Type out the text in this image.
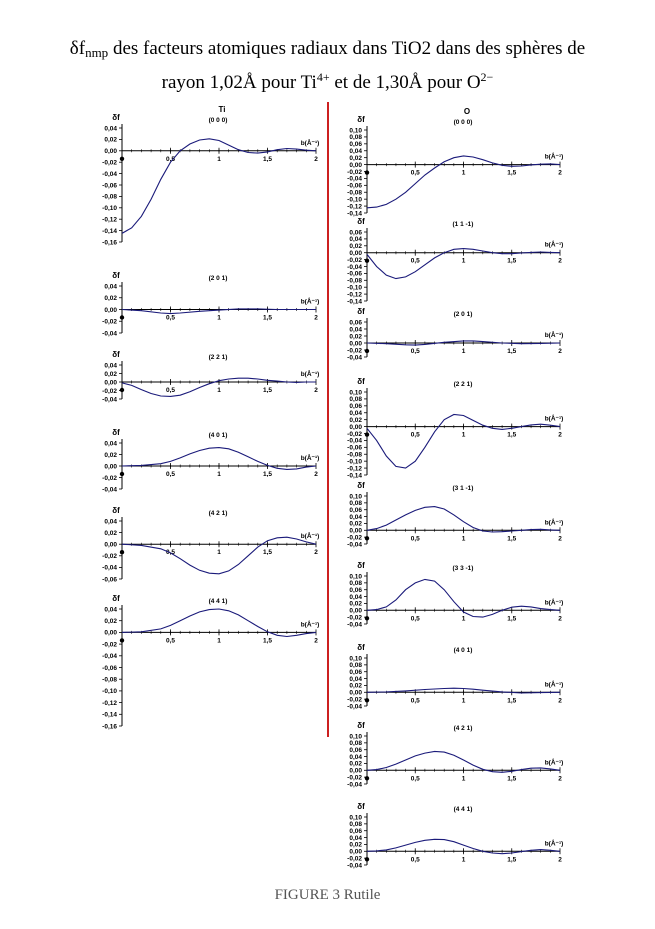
$\delta f_{nmp}$ des facteurs atomiques radiaux dans TiO2 dans des sphères de
rayon 1,02Å pour $Ti^{4+}$ et de 1,30Å pour $O^{2-}$
0,04
0,02
0,00
-0,02
-0,04
-0,06
-0,08
-0,10
-0,12
-0,14
-0,16
0,5	1	1,5	2
δf
Ti
(0 0 0)
b(Å⁻¹)
0,04
0,02
0,00
-0,02
-0,04
0,5	1	1,5	2
δf	(2 0 1)
b(Å⁻¹)
0,04
0,02
0,00
-0,02
-0,04
0,5	1	1,5	2
δf	(2 2 1)
b(Å⁻¹)
0,04
0,02
0,00
-0,02
-0,04
0,5	1	1,5	2
δf	(4 0 1)
b(Å⁻¹)
0,04
0,02
0,00
-0,02
-0,04
-0,06
0,5	1	1,5	2
δf	(4 2 1)
b(Å⁻¹)
0,04
0,02
0,00
-0,02
-0,04
-0,06
-0,08
-0,10
-0,12
-0,14
-0,16
0,5	1	1,5	2
δf	(4 4 1)
b(Å⁻¹)
0,10
0,08
0,06
0,04
0,02
0,00
-0,02
-0,04
-0,06
-0,08
-0,10
-0,12
-0,14
0,5	1	1,5	2
δf
O
(0 0 0)
b(Å⁻¹)
0,06
0,04
0,02
0,00
-0,02
-0,04
-0,06
-0,08
-0,10
-0,12
-0,14
0,5	1	1,5	2
δf	(1 1 -1)
b(Å⁻¹)
0,06
0,04
0,02
0,00
-0,02
-0,04
0,5	1	1,5	2
δf	(2 0 1)
b(Å⁻¹)
0,10
0,08
0,06
0,04
0,02
0,00
-0,02
-0,04
-0,06
-0,08
-0,10
-0,12
-0,14
0,5	1	1,5	2
δf	(2 2 1)
b(Å⁻¹)
0,10
0,08
0,06
0,04
0,02
0,00
-0,02
-0,04
0,5	1	1,5	2
δf	(3 1 -1)
b(Å⁻¹)
0,10
0,08
0,06
0,04
0,02
0,00
-0,02
-0,04
0,5	1	1,5	2
δf	(3 3 -1)
b(Å⁻¹)
0,10
0,08
0,06
0,04
0,02
0,00
-0,02
-0,04
0,5	1	1,5	2
δf	(4 0 1)
b(Å⁻¹)
0,10
0,08
0,06
0,04
0,02
0,00
-0,02
-0,04
0,5	1	1,5	2
δf	(4 2 1)
b(Å⁻¹)
0,10
0,08
0,06
0,04
0,02
0,00
-0,02
-0,04
0,5	1	1,5	2
δf	(4 4 1)
b(Å⁻¹)
FIGURE 3 Rutile
